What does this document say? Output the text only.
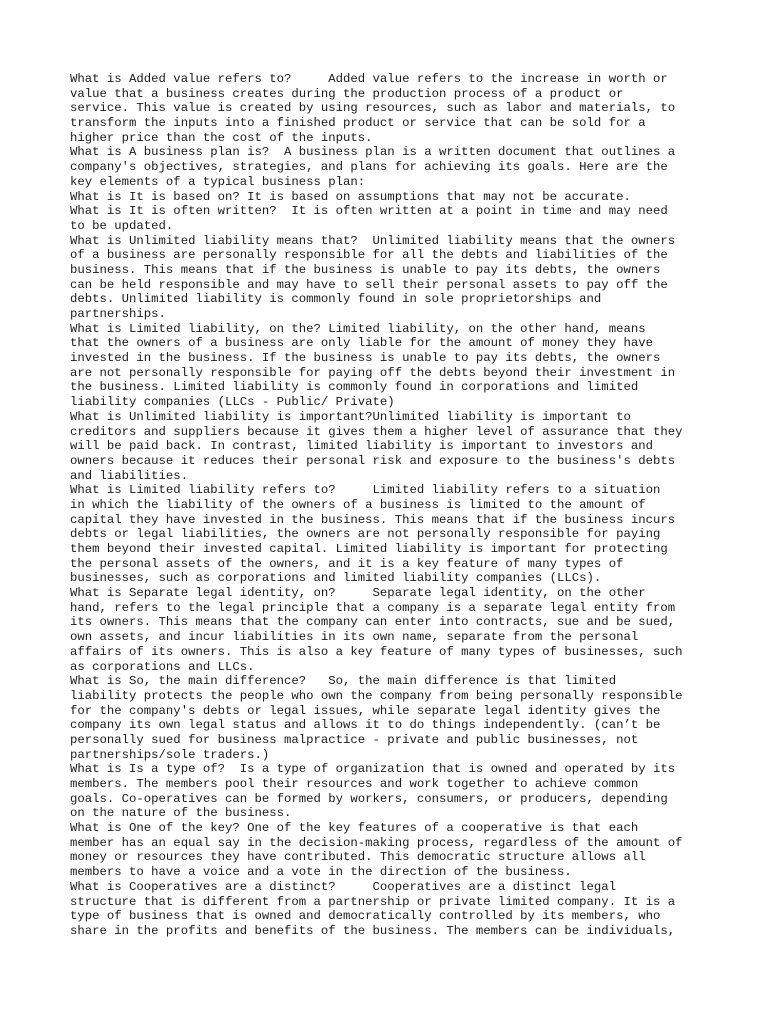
What is Added value refers to?     Added value refers to the increase in worth or
value that a business creates during the production process of a product or
service. This value is created by using resources, such as labor and materials, to
transform the inputs into a finished product or service that can be sold for a
higher price than the cost of the inputs.
What is A business plan is?  A business plan is a written document that outlines a
company's objectives, strategies, and plans for achieving its goals. Here are the
key elements of a typical business plan:
What is It is based on? It is based on assumptions that may not be accurate.
What is It is often written?  It is often written at a point in time and may need
to be updated.
What is Unlimited liability means that?  Unlimited liability means that the owners
of a business are personally responsible for all the debts and liabilities of the
business. This means that if the business is unable to pay its debts, the owners
can be held responsible and may have to sell their personal assets to pay off the
debts. Unlimited liability is commonly found in sole proprietorships and
partnerships.
What is Limited liability, on the? Limited liability, on the other hand, means
that the owners of a business are only liable for the amount of money they have
invested in the business. If the business is unable to pay its debts, the owners
are not personally responsible for paying off the debts beyond their investment in
the business. Limited liability is commonly found in corporations and limited
liability companies (LLCs - Public/ Private)
What is Unlimited liability is important?Unlimited liability is important to
creditors and suppliers because it gives them a higher level of assurance that they
will be paid back. In contrast, limited liability is important to investors and
owners because it reduces their personal risk and exposure to the business's debts
and liabilities.
What is Limited liability refers to?     Limited liability refers to a situation
in which the liability of the owners of a business is limited to the amount of
capital they have invested in the business. This means that if the business incurs
debts or legal liabilities, the owners are not personally responsible for paying
them beyond their invested capital. Limited liability is important for protecting
the personal assets of the owners, and it is a key feature of many types of
businesses, such as corporations and limited liability companies (LLCs).
What is Separate legal identity, on?     Separate legal identity, on the other
hand, refers to the legal principle that a company is a separate legal entity from
its owners. This means that the company can enter into contracts, sue and be sued,
own assets, and incur liabilities in its own name, separate from the personal
affairs of its owners. This is also a key feature of many types of businesses, such
as corporations and LLCs.
What is So, the main difference?   So, the main difference is that limited
liability protects the people who own the company from being personally responsible
for the company's debts or legal issues, while separate legal identity gives the
company its own legal status and allows it to do things independently. (can’t be
personally sued for business malpractice - private and public businesses, not
partnerships/sole traders.)
What is Is a type of?  Is a type of organization that is owned and operated by its
members. The members pool their resources and work together to achieve common
goals. Co-operatives can be formed by workers, consumers, or producers, depending
on the nature of the business.
What is One of the key? One of the key features of a cooperative is that each
member has an equal say in the decision-making process, regardless of the amount of
money or resources they have contributed. This democratic structure allows all
members to have a voice and a vote in the direction of the business.
What is Cooperatives are a distinct?     Cooperatives are a distinct legal
structure that is different from a partnership or private limited company. It is a
type of business that is owned and democratically controlled by its members, who
share in the profits and benefits of the business. The members can be individuals,
